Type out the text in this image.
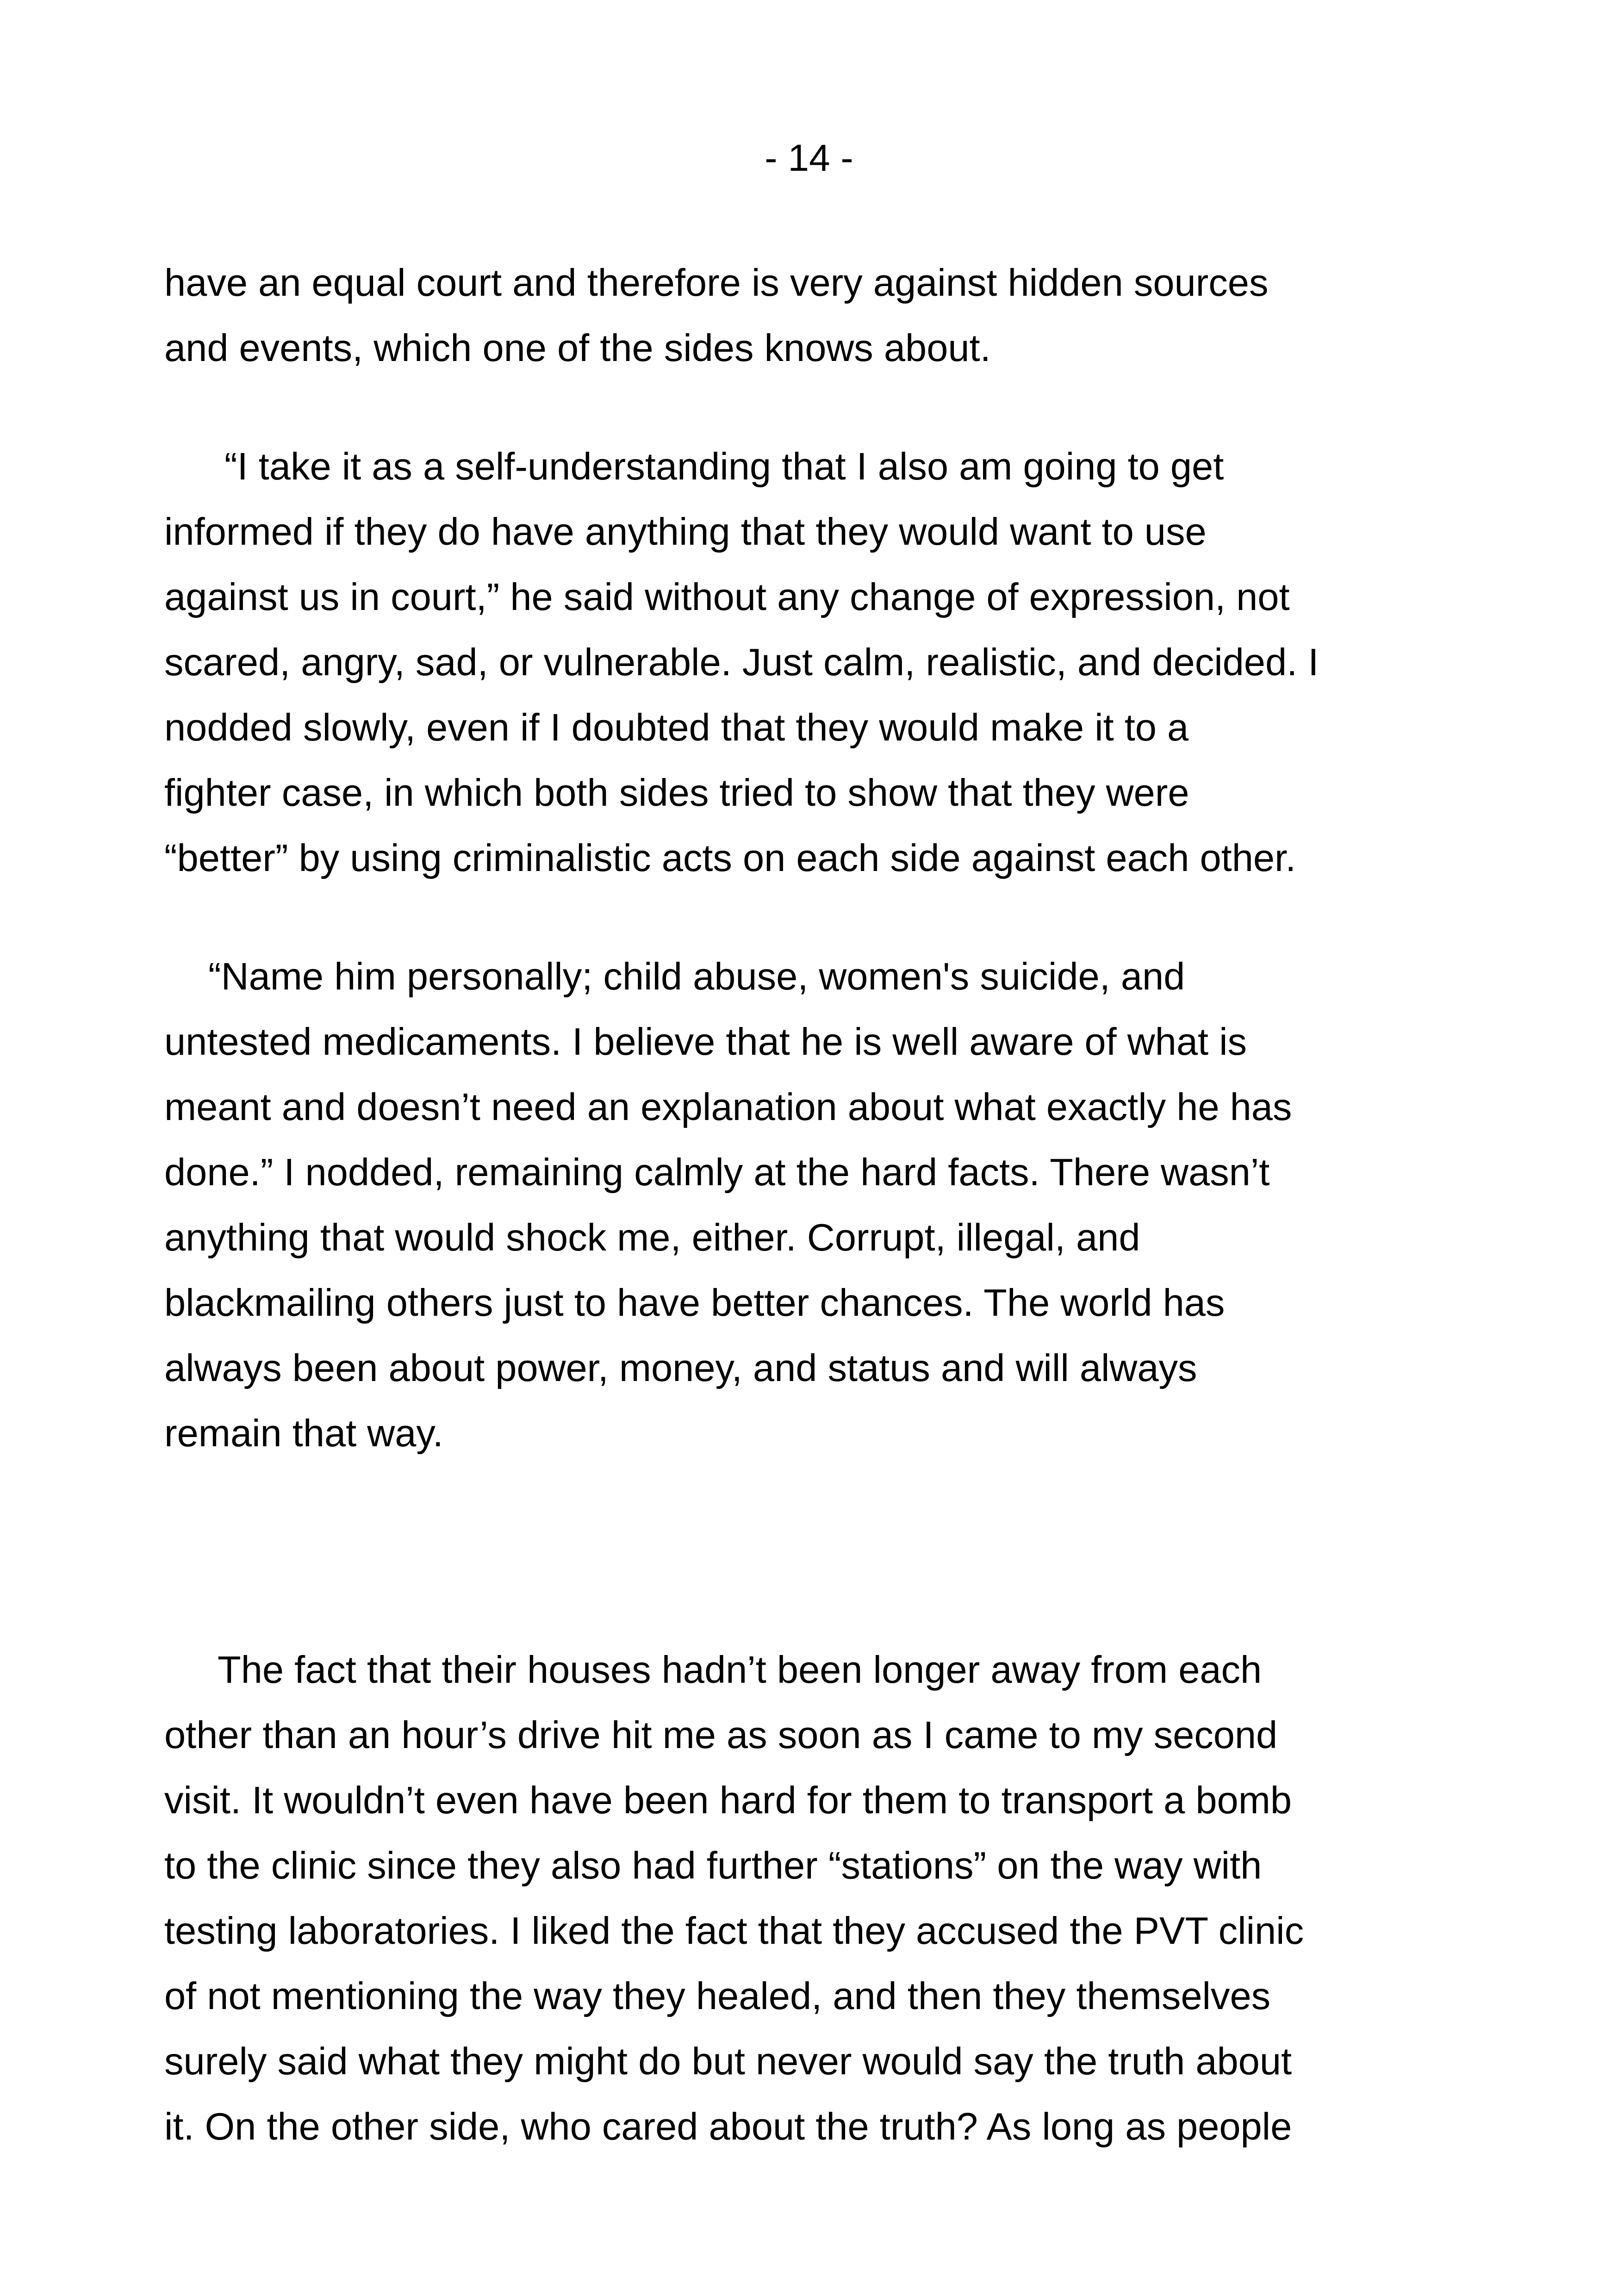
- 14 -
have an equal court and therefore is very against hidden sources
and events, which one of the sides knows about.
“I take it as a self-understanding that I also am going to get
informed if they do have anything that they would want to use
against us in court,” he said without any change of expression, not
scared, angry, sad, or vulnerable. Just calm, realistic, and decided. I
nodded slowly, even if I doubted that they would make it to a
fighter case, in which both sides tried to show that they were
“better” by using criminalistic acts on each side against each other.
“Name him personally; child abuse, women's suicide, and
untested medicaments. I believe that he is well aware of what is
meant and doesn’t need an explanation about what exactly he has
done.” I nodded, remaining calmly at the hard facts. There wasn’t
anything that would shock me, either. Corrupt, illegal, and
blackmailing others just to have better chances. The world has
always been about power, money, and status and will always
remain that way.
The fact that their houses hadn’t been longer away from each
other than an hour’s drive hit me as soon as I came to my second
visit. It wouldn’t even have been hard for them to transport a bomb
to the clinic since they also had further “stations” on the way with
testing laboratories. I liked the fact that they accused the PVT clinic
of not mentioning the way they healed, and then they themselves
surely said what they might do but never would say the truth about
it. On the other side, who cared about the truth? As long as people
